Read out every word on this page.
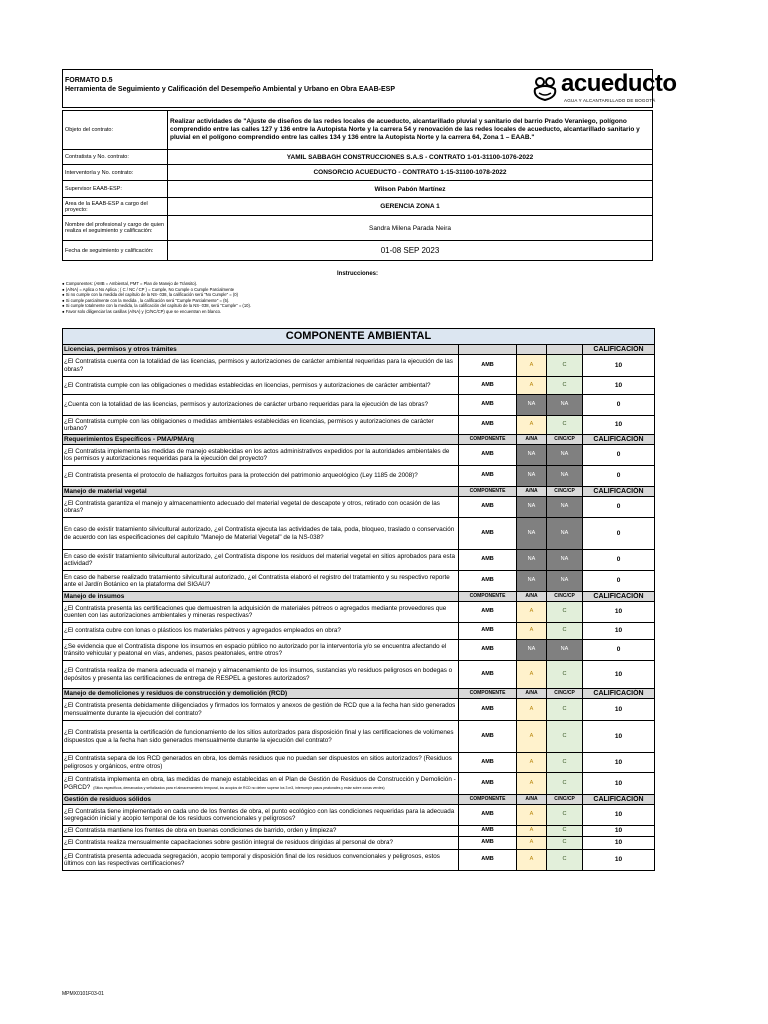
FORMATO D.5
Herramienta de Seguimiento y Calificación del Desempeño Ambiental y Urbano en Obra EAAB-ESP	acueducto
AGUA Y ALCANTARILLADO DE BOGOTÁ
Objeto del contrato:	Realizar actividades de "Ajuste de diseños de las redes locales de acueducto, alcantarillado pluvial y sanitario del barrio Prado Veraniego, polígono comprendido entre las calles 127 y 136 entre la Autopista Norte y la carrera 54 y renovación de las redes locales de acueducto, alcantarillado sanitario y pluvial en el polígono comprendido entre las calles 134 y 136 entre la Autopista Norte y la carrera 64, Zona 1 – EAAB."
Contratista y No. contrato:	YAMIL SABBAGH CONSTRUCCIONES S.A.S - CONTRATO 1-01-31100-1076-2022
Interventoría y No. contrato:	CONSORCIO ACUEDUCTO - CONTRATO 1-15-31100-1078-2022
Supervisor EAAB-ESP:	Wilson Pabón Martínez
Area de la EAAB-ESP a cargo del proyecto:	GERENCIA ZONA 1
Nombre del profesional y cargo de quien realiza el seguimiento y calificación:	Sandra Milena Parada Neira
Fecha de seguimiento y calificación:	01-08 SEP 2023
Instrucciones:
● Componentes: (AMB = Ambiental, PMT = Plan de Manejo de Tránsito).
● (A/NA) = Aplica o No Aplica ; ( C / NC / CP ) = Cumple, No Cumple o Cumple Parcialmente
● Si no cumple con la medida del capítulo de la NS- 038, la calificación será "No Cumple" = (0)
● Si cumple parcialmente con la medida , la calificación será "Cumple Parcialmente" = (5).
● Si cumple totalmente con la medida, la calificación del capítulo de la NS- 038, será "Cumple" = (10).
● Favor solo diligenciar las casillas (A/NA) y (C/NC/CP) que se encuentran en blanco.
COMPONENTE AMBIENTAL				
Licencias, permisos y otros trámites				CALIFICACIÓN
¿El Contratista cuenta con la totalidad de las licencias, permisos y autorizaciones de carácter ambiental requeridas para la ejecución de las obras?	AMB	A	C	10
¿El Contratista cumple con las obligaciones o medidas establecidas en licencias, permisos y autorizaciones de carácter ambiental?	AMB	A	C	10
¿Cuenta con la totalidad de las licencias, permisos y autorizaciones de carácter urbano requeridas para la ejecución de las obras?	AMB	NA	NA	0
¿El Contratista cumple con las obligaciones o medidas ambientales establecidas en licencias, permisos y autorizaciones de carácter urbano?	AMB	A	C	10
Requerimientos Específicos - PMA/PMArq	COMPONENTE	A/NA	C/NC/CP	CALIFICACIÓN
¿El Contratista implementa las medidas de manejo establecidas en los actos administrativos expedidos por la autoridades ambientales de los permisos y autorizaciones requeridas para la ejecución del proyecto?	AMB	NA	NA	0
¿El Contratista presenta el protocolo de hallazgos fortuitos para la protección del patrimonio arqueológico (Ley 1185 de 2008)?	AMB	NA	NA	0
Manejo de material vegetal	COMPONENTE	A/NA	C/NC/CP	CALIFICACIÓN
¿El Contratista garantiza el manejo y almacenamiento adecuado del material vegetal de descapote y otros, retirado con ocasión de las obras?	AMB	NA	NA	0
En caso de existir tratamiento silvicultural autorizado, ¿el Contratista ejecuta las actividades de tala, poda, bloqueo, traslado o conservación de acuerdo con las especificaciones del capítulo "Manejo de Material Vegetal" de la NS-038?	AMB	NA	NA	0
En caso de existir tratamiento silvicultural autorizado, ¿el Contratista dispone los residuos del material vegetal en sitios aprobados para esta actividad?	AMB	NA	NA	0
En caso de haberse realizado tratamiento silvicultural autorizado, ¿el Contratista elaboró el registro del tratamiento y su respectivo reporte ante el Jardín Botánico en la plataforma del SIGAU?	AMB	NA	NA	0
Manejo de insumos	COMPONENTE	A/NA	C/NC/CP	CALIFICACIÓN
¿El Contratista presenta las certificaciones que demuestren la adquisición de materiales pétreos o agregados mediante proveedores que cuenten con las autorizaciones ambientales y mineras respectivas?	AMB	A	C	10
¿El contratista cubre con lonas o plásticos los materiales pétreos y agregados empleados en obra?	AMB	A	C	10
¿Se evidencia que el Contratista dispone los insumos en espacio público no autorizado por la interventoría y/o se encuentra afectando el tránsito vehicular y peatonal en vías, andenes, pasos peatonales, entre otros?	AMB	NA	NA	0
¿El Contratista realiza de manera adecuada el manejo y almacenamiento de los insumos, sustancias y/o residuos peligrosos en bodegas o depósitos y presenta las certificaciones de entrega de RESPEL a gestores autorizados?	AMB	A	C	10
Manejo de demoliciones y residuos de construcción y demolición (RCD)	COMPONENTE	A/NA	C/NC/CP	CALIFICACIÓN
¿El Contratista presenta debidamente diligenciados y firmados los formatos y anexos de gestión de RCD que a la fecha han sido generados mensualmente durante la ejecución del contrato?	AMB	A	C	10
¿El Contratista presenta la certificación de funcionamiento de los sitios autorizados para disposición final y las certificaciones de volúmenes dispuestos que a la fecha han sido generados mensualmente durante la ejecución del contrato?	AMB	A	C	10
¿El Contratista separa de los RCD generados en obra, los demás residuos que no puedan ser dispuestos en sitios autorizados? (Residuos peligrosos y orgánicos, entre otros)	AMB	A	C	10
¿El Contratista implementa en obra, las medidas de manejo establecidas en el Plan de Gestión de Residuos de Construcción y Demolición - PGRCD? (Sitios específicos, demarcados y señalizados para el almacenamiento temporal, los acopios de RCD no deben superar los 3 m3, interrumpir pasos peatonales y estar sobre zonas verdes)	AMB	A	C	10
Gestión de residuos sólidos	COMPONENTE	A/NA	C/NC/CP	CALIFICACIÓN
¿El Contratista tiene implementado en cada uno de los frentes de obra, el punto ecológico con las condiciones requeridas para la adecuada segregación inicial y acopio temporal de los residuos convencionales y peligrosos?	AMB	A	C	10
¿El Contratista mantiene los frentes de obra en buenas condiciones de barrido, orden y limpieza?	AMB	A	C	10
¿El Contratista realiza mensualmente capacitaciones sobre gestión integral de residuos dirigidas al personal de obra?	AMB	A	C	10
¿El Contratista presenta adecuada segregación, acopio temporal y disposición final de los residuos convencionales y peligrosos, estos últimos con las respectivas certificaciones?	AMB	A	C	10
MPMX0101F03-01
